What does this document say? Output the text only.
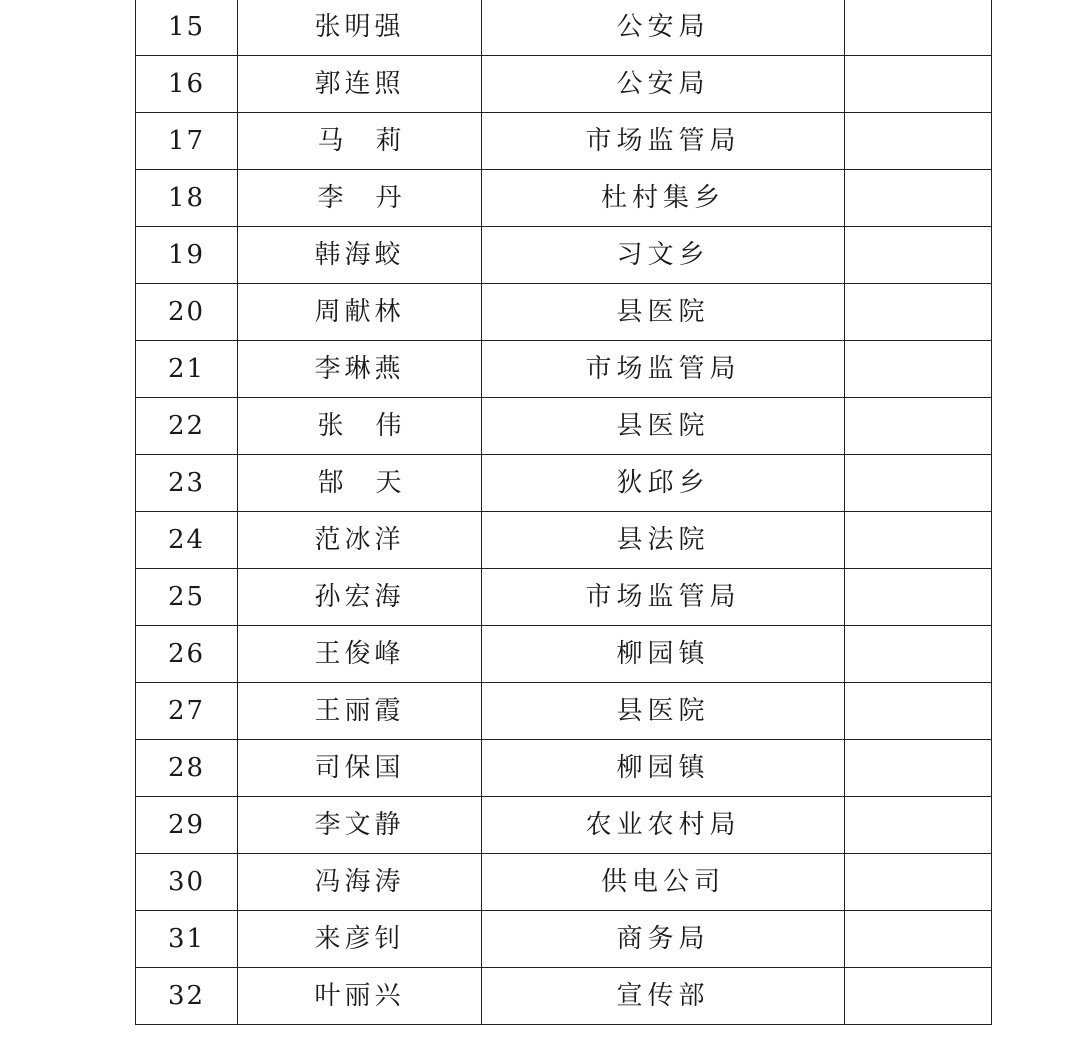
15	张明强	公安局	
16	郭连照	公安局	
17	马莉	市场监管局	
18	李丹	杜村集乡	
19	韩海蛟	习文乡	
20	周献林	县医院	
21	李琳燕	市场监管局	
22	张伟	县医院	
23	郜天	狄邱乡	
24	范冰洋	县法院	
25	孙宏海	市场监管局	
26	王俊峰	柳园镇	
27	王丽霞	县医院	
28	司保国	柳园镇	
29	李文静	农业农村局	
30	冯海涛	供电公司	
31	来彦钊	商务局	
32	叶丽兴	宣传部	
